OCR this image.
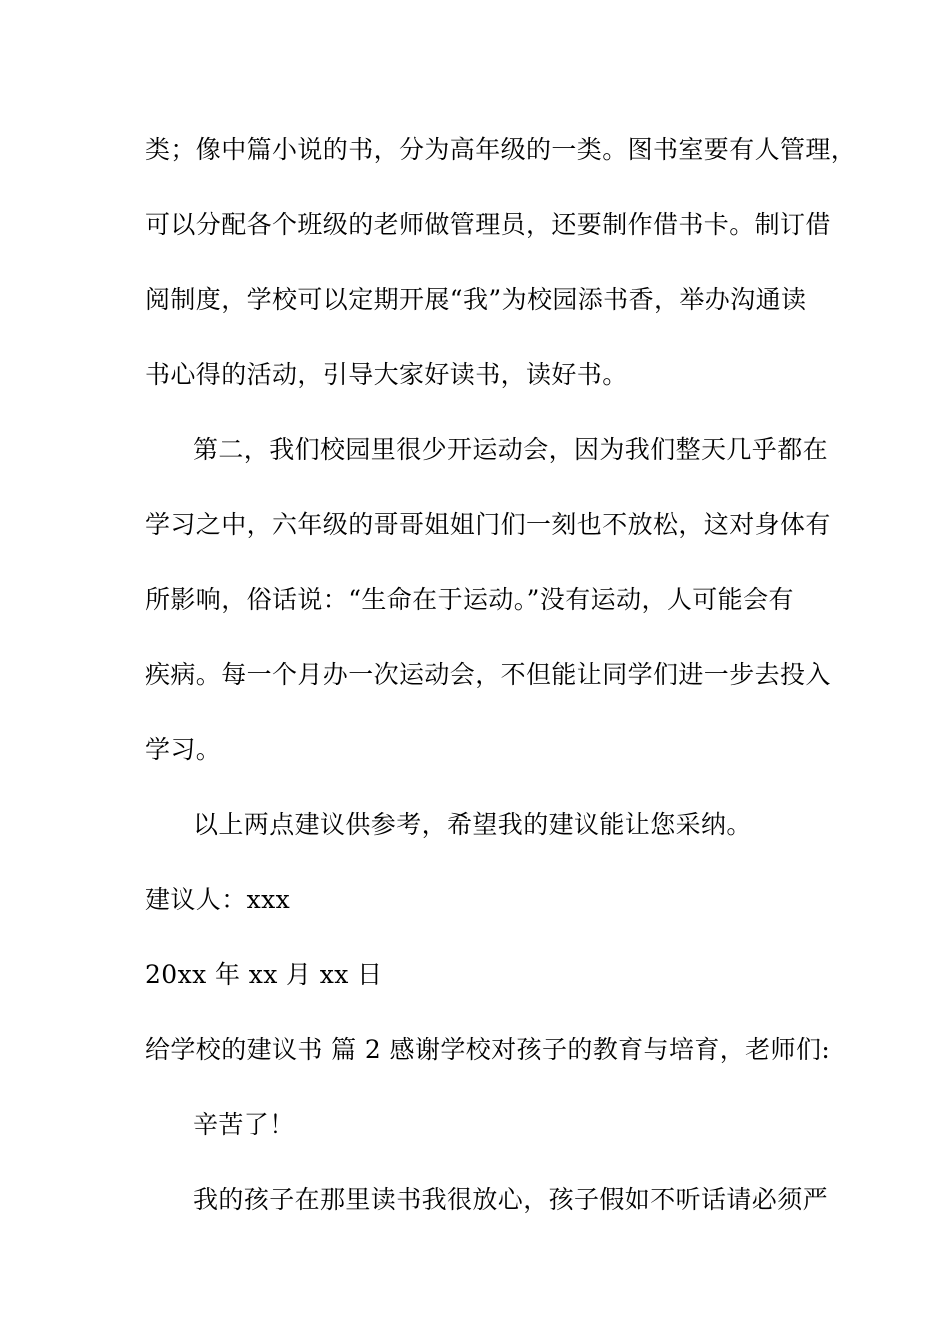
类；像中篇小说的书，分为高年级的一类。图书室要有人管理，
可以分配各个班级的老师做管理员，还要制作借书卡。制订借
阅制度，学校可以定期开展“我”为校园添书香，举办沟通读
书心得的活动，引导大家好读书，读好书。
第二，我们校园里很少开运动会，因为我们整天几乎都在
学习之中，六年级的哥哥姐姐门们一刻也不放松，这对身体有
所影响，俗话说：“生命在于运动。”没有运动，人可能会有
疾病。每一个月办一次运动会，不但能让同学们进一步去投入
学习。
以上两点建议供参考，希望我的建议能让您采纳。
建议人：xxx
20xx 年 xx 月 xx 日
给学校的建议书 篇 2 感谢学校对孩子的教育与培育，老师们:
辛苦了！
我的孩子在那里读书我很放心，孩子假如不听话请必须严
